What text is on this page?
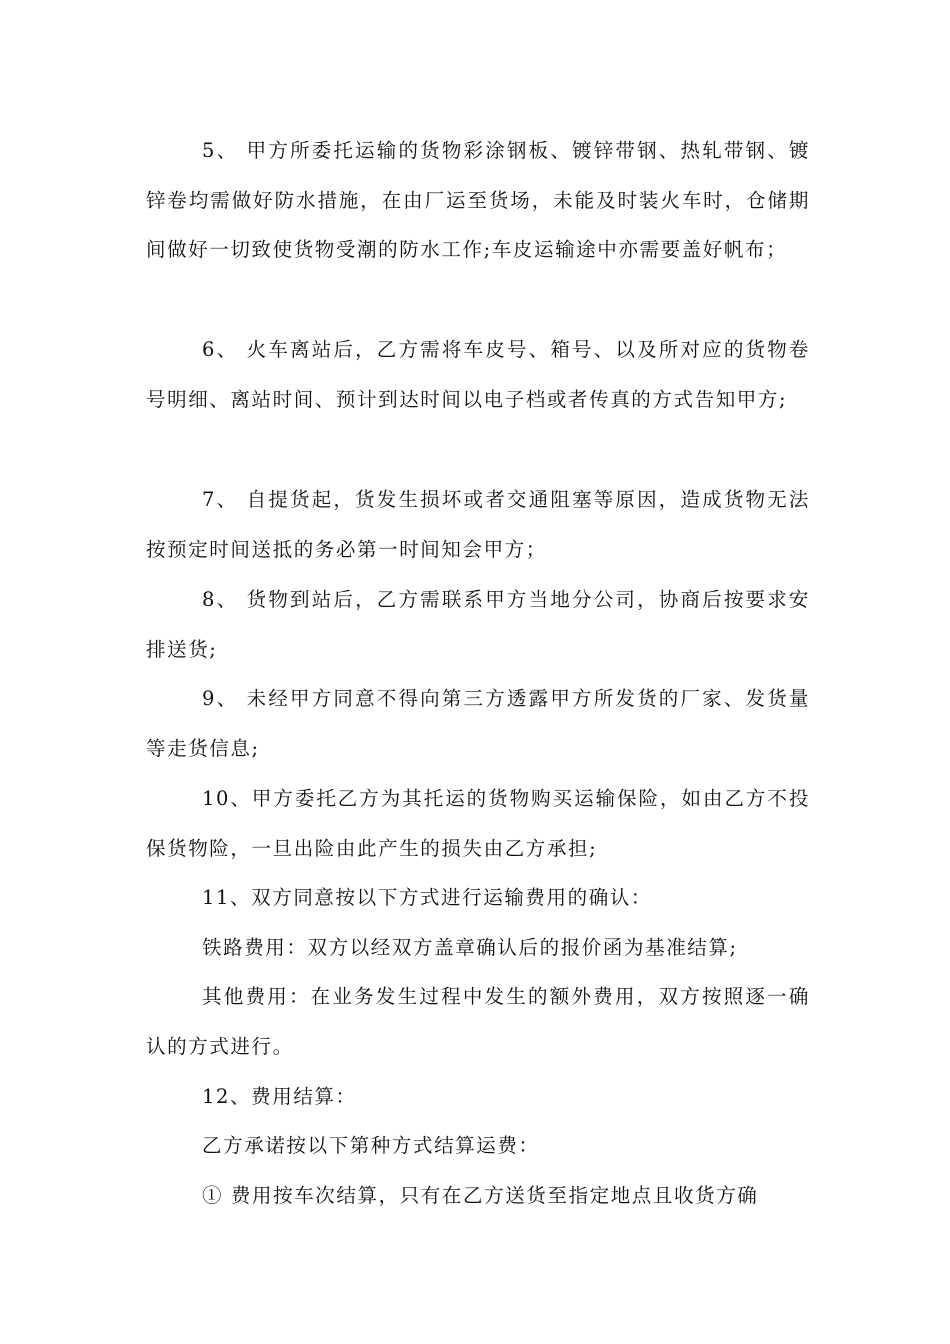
5、 甲方所委托运输的货物彩涂钢板、镀锌带钢、热轧带钢、镀锌卷均需做好防水措施，在由厂运至货场，未能及时装火车时，仓储期间做好一切致使货物受潮的防水工作;车皮运输途中亦需要盖好帆布；

6、 火车离站后，乙方需将车皮号、箱号、以及所对应的货物卷号明细、离站时间、预计到达时间以电子档或者传真的方式告知甲方;

7、 自提货起，货发生损坏或者交通阻塞等原因，造成货物无法按预定时间送抵的务必第一时间知会甲方；

8、 货物到站后，乙方需联系甲方当地分公司，协商后按要求安排送货;

9、 未经甲方同意不得向第三方透露甲方所发货的厂家、发货量等走货信息;

10、甲方委托乙方为其托运的货物购买运输保险，如由乙方不投保货物险，一旦出险由此产生的损失由乙方承担;

11、双方同意按以下方式进行运输费用的确认：

铁路费用：双方以经双方盖章确认后的报价函为基准结算;

其他费用：在业务发生过程中发生的额外费用，双方按照逐一确认的方式进行。

12、费用结算：

乙方承诺按以下第种方式结算运费：

① 费用按车次结算，只有在乙方送货至指定地点且收货方确
